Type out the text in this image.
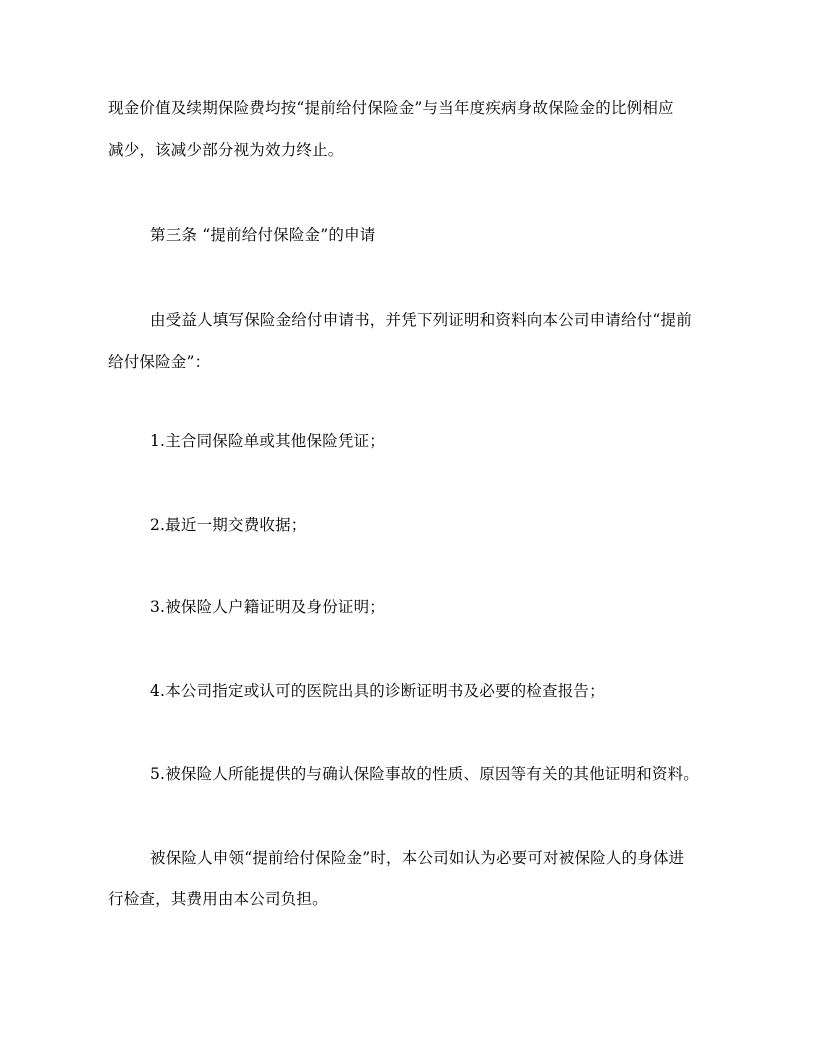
现金价值及续期保险费均按“提前给付保险金”与当年度疾病身故保险金的比例相应
减少，该减少部分视为效力终止。
第三条 “提前给付保险金”的申请
由受益人填写保险金给付申请书，并凭下列证明和资料向本公司申请给付“提前
给付保险金”：
1.主合同保险单或其他保险凭证；
2.最近一期交费收据；
3.被保险人户籍证明及身份证明；
4.本公司指定或认可的医院出具的诊断证明书及必要的检查报告；
5.被保险人所能提供的与确认保险事故的性质、原因等有关的其他证明和资料。
被保险人申领“提前给付保险金”时，本公司如认为必要可对被保险人的身体进
行检查，其费用由本公司负担。
